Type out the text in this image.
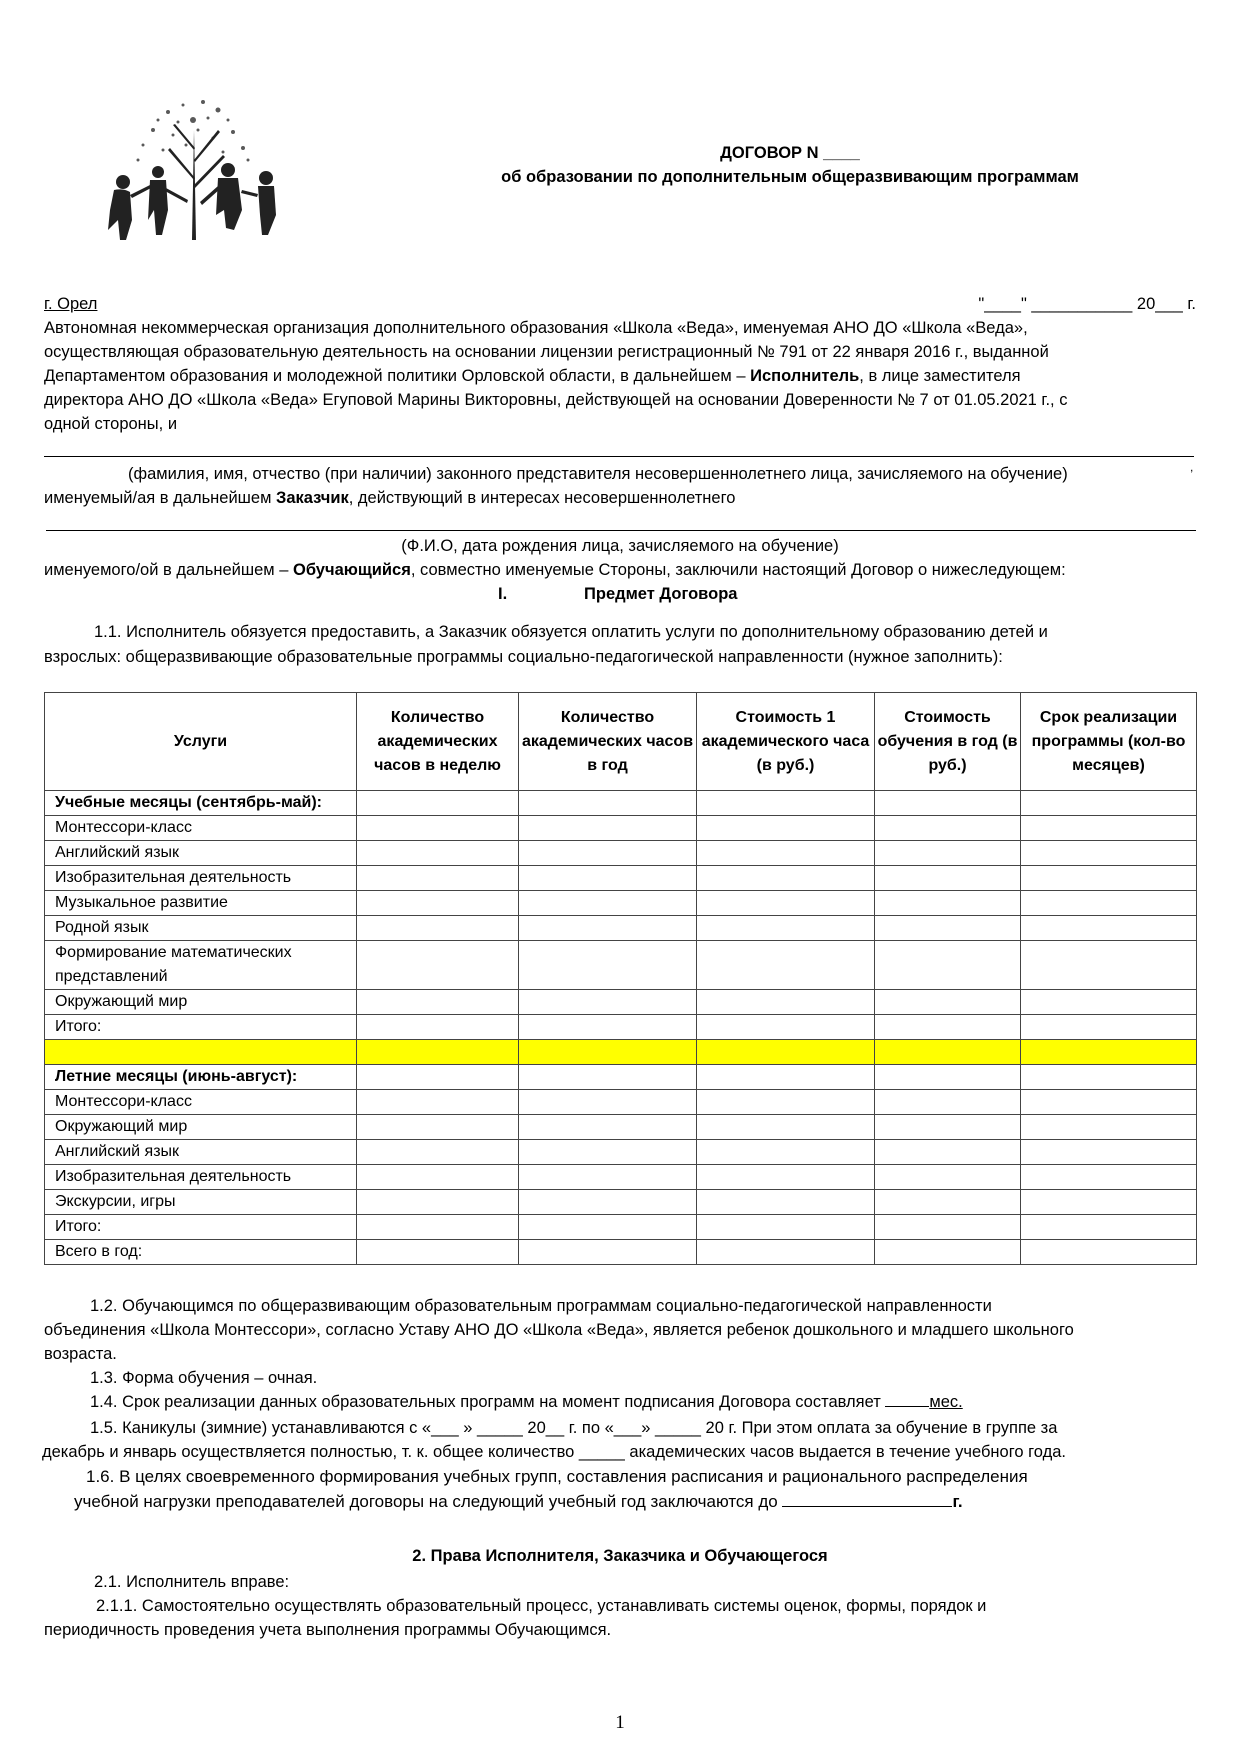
ДОГОВОР N ____
об образовании по дополнительным общеразвивающим программам
г. Орел	"____" ___________ 20___ г.
Автономная некоммерческая организация дополнительного образования «Школа «Веда», именуемая АНО ДО «Школа «Веда»,
осуществляющая образовательную деятельность на основании лицензии регистрационный № 791 от 22 января 2016 г., выданной
Департаментом образования и молодежной политики Орловской области, в дальнейшем – Исполнитель, в лице заместителя
директора АНО ДО «Школа «Веда» Егуповой Марины Викторовны, действующей на основании Доверенности № 7 от 01.05.2021 г., с
одной стороны, и
,
(фамилия, имя, отчество (при наличии) законного представителя несовершеннолетнего лица, зачисляемого на обучение)
именуемый/ая в дальнейшем Заказчик, действующий в интересах несовершеннолетнего
(Ф.И.О, дата рождения лица, зачисляемого на обучение)
именуемого/ой в дальнейшем – Обучающийся, совместно именуемые Стороны, заключили настоящий Договор о нижеследующем:
I.	Предмет Договора
1.1. Исполнитель обязуется предоставить, а Заказчик обязуется оплатить услуги по дополнительному образованию детей и
взрослых: общеразвивающие образовательные программы социально-педагогической направленности (нужное заполнить):
Услуги	Количество академических часов в неделю	Количество академических часов в год	Стоимость 1 академического часа (в руб.)	Стоимость обучения в год (в руб.)	Срок реализации программы (кол-во месяцев)
Учебные месяцы (сентябрь-май):					
Монтессори-класс					
Английский язык					
Изобразительная деятельность					
Музыкальное развитие					
Родной язык					
Формирование математических представлений					
Окружающий мир					
Итого:					

Летние месяцы (июнь-август):					
Монтессори-класс					
Окружающий мир					
Английский язык					
Изобразительная деятельность					
Экскурсии, игры					
Итого:					
Всего в год:					
1.2. Обучающимся по общеразвивающим образовательным программам социально-педагогической направленности
объединения «Школа Монтессори», согласно Уставу АНО ДО «Школа «Веда», является ребенок дошкольного и младшего школьного
возраста.
1.3. Форма обучения – очная.
1.4. Срок реализации данных образовательных программ на момент подписания Договора составляет	мес.
1.5. Каникулы (зимние) устанавливаются с «___ » _____ 20__ г. по «___» _____ 20 г. При этом оплата за обучение в группе за
декабрь и январь осуществляется полностью, т. к. общее количество _____ академических часов выдается в течение учебного года.
1.6. В целях своевременного формирования учебных групп, составления расписания и рационального распределения
учебной нагрузки преподавателей договоры на следующий учебный год заключаются до	г.
2. Права Исполнителя, Заказчика и Обучающегося
2.1. Исполнитель вправе:
2.1.1. Самостоятельно осуществлять образовательный процесс, устанавливать системы оценок, формы, порядок и
периодичность проведения учета выполнения программы Обучающимся.
1
